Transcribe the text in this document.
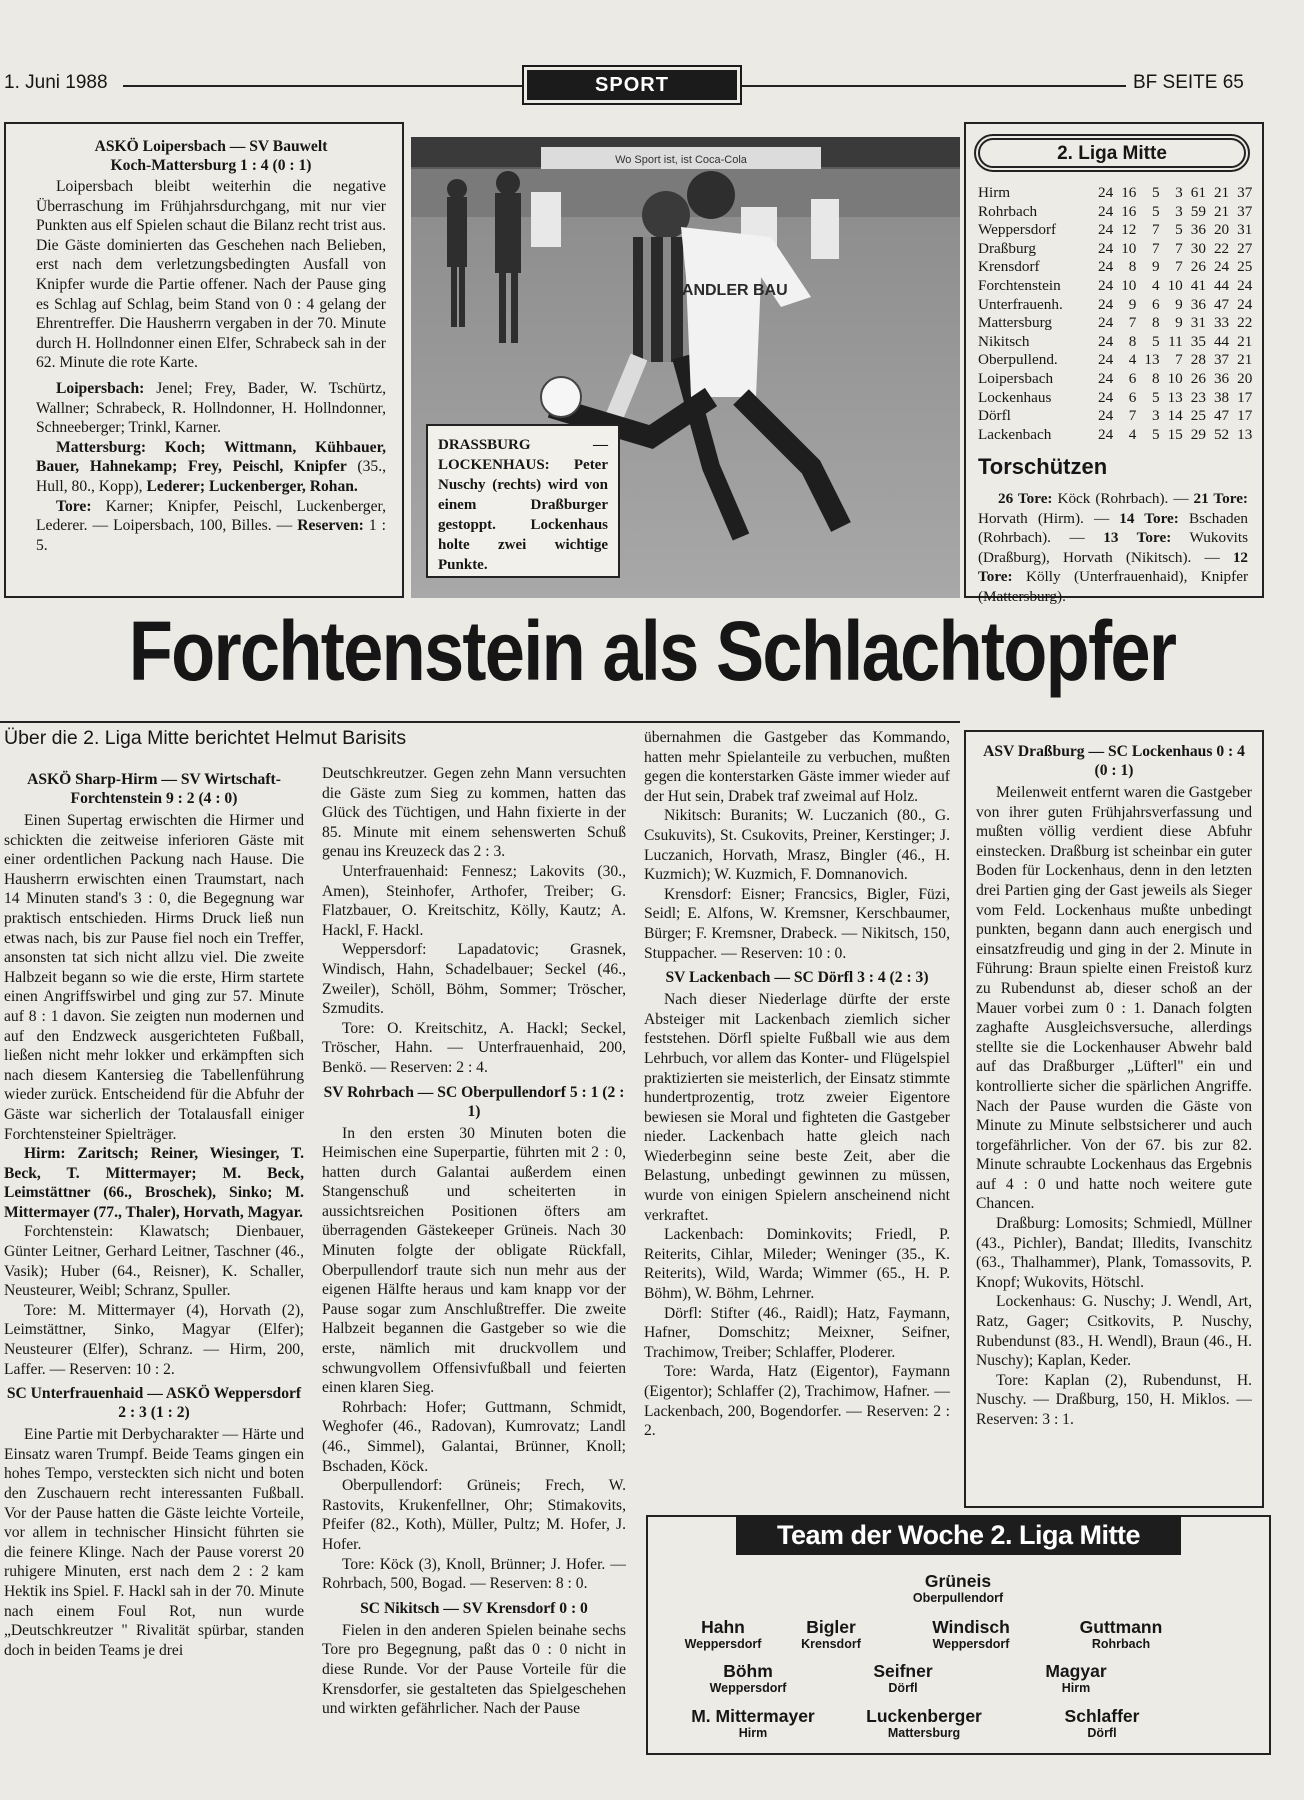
1. Juni 1988	SPORT	BF SEITE 65
ASKÖ Loipersbach — SV Bauwelt
Koch-Mattersburg 1 : 4 (0 : 1)

Loipersbach bleibt weiterhin die negative Überraschung im Frühjahrsdurchgang, mit nur vier Punkten aus elf Spielen schaut die Bilanz recht trist aus. Die Gäste dominierten das Geschehen nach Belieben, erst nach dem verletzungsbedingten Ausfall von Knipfer wurde die Partie offener. Nach der Pause ging es Schlag auf Schlag, beim Stand von 0 : 4 gelang der Ehrentreffer. Die Hausherrn vergaben in der 70. Minute durch H. Hollndonner einen Elfer, Schrabeck sah in der 62. Minute die rote Karte.

Loipersbach: Jenel; Frey, Bader, W. Tschürtz, Wallner; Schrabeck, R. Hollndonner, H. Hollndonner, Schneeberger; Trinkl, Karner.

Mattersburg: Koch; Wittmann, Kühbauer, Bauer, Hahnekamp; Frey, Peischl, Knipfer (35., Hull, 80., Kopp), Lederer; Luckenberger, Rohan.

Tore: Karner; Knipfer, Peischl, Luckenberger, Lederer. — Loipersbach, 100, Billes. — Reserven: 1 : 5.

Wo Sport ist, ist Coca-Cola
HANDLER BAU
DRASSBURG — LOCKENHAUS: Peter Nuschy (rechts) wird von einem Draßburger gestoppt. Lockenhaus holte zwei wichtige Punkte.
2. Liga Mitte
Hirm	24	16	5	3	61	21	37
Rohrbach	24	16	5	3	59	21	37
Weppersdorf	24	12	7	5	36	20	31
Draßburg	24	10	7	7	30	22	27
Krensdorf	24	8	9	7	26	24	25
Forchtenstein	24	10	4	10	41	44	24
Unterfrauenh.	24	9	6	9	36	47	24
Mattersburg	24	7	8	9	31	33	22
Nikitsch	24	8	5	11	35	44	21
Oberpullend.	24	4	13	7	28	37	21
Loipersbach	24	6	8	10	26	36	20
Lockenhaus	24	6	5	13	23	38	17
Dörfl	24	7	3	14	25	47	17
Lackenbach	24	4	5	15	29	52	13
Torschützen
26 Tore: Köck (Rohrbach). — 21 Tore: Horvath (Hirm). — 14 Tore: Bschaden (Rohrbach). — 13 Tore: Wukovits (Draßburg), Horvath (Nikitsch). — 12 Tore: Kölly (Unterfrauenhaid), Knipfer (Mattersburg).
Forchtenstein als Schlachtopfer
Über die 2. Liga Mitte berichtet Helmut Barisits
ASKÖ Sharp-Hirm — SV Wirtschaft-Forchtenstein 9 : 2 (4 : 0)

Einen Supertag erwischten die Hirmer und schickten die zeitweise inferioren Gäste mit einer ordentlichen Packung nach Hause. Die Hausherrn erwischten einen Traumstart, nach 14 Minuten stand's 3 : 0, die Begegnung war praktisch entschieden. Hirms Druck ließ nun etwas nach, bis zur Pause fiel noch ein Treffer, ansonsten tat sich nicht allzu viel. Die zweite Halbzeit begann so wie die erste, Hirm startete einen Angriffswirbel und ging zur 57. Minute auf 8 : 1 davon. Sie zeigten nun modernen und auf den Endzweck ausgerichteten Fußball, ließen nicht mehr lokker und erkämpften sich nach diesem Kantersieg die Tabellenführung wieder zurück. Entscheidend für die Abfuhr der Gäste war sicherlich der Totalausfall einiger Forchtensteiner Spielträger.

Hirm: Zaritsch; Reiner, Wiesinger, T. Beck, T. Mittermayer; M. Beck, Leimstättner (66., Broschek), Sinko; M. Mittermayer (77., Thaler), Horvath, Magyar.

Forchtenstein: Klawatsch; Dienbauer, Günter Leitner, Gerhard Leitner, Taschner (46., Vasik); Huber (64., Reisner), K. Schaller, Neusteurer, Weibl; Schranz, Spuller.

Tore: M. Mittermayer (4), Horvath (2), Leimstättner, Sinko, Magyar (Elfer); Neusteurer (Elfer), Schranz. — Hirm, 200, Laffer. — Reserven: 10 : 2.

SC Unterfrauenhaid — ASKÖ Weppersdorf 2 : 3 (1 : 2)

Eine Partie mit Derbycharakter — Härte und Einsatz waren Trumpf. Beide Teams gingen ein hohes Tempo, versteckten sich nicht und boten den Zuschauern recht interessanten Fußball. Vor der Pause hatten die Gäste leichte Vorteile, vor allem in technischer Hinsicht führten sie die feinere Klinge. Nach der Pause vorerst 20 ruhigere Minuten, erst nach dem 2 : 2 kam Hektik ins Spiel. F. Hackl sah in der 70. Minute nach einem Foul Rot, nun wurde „Deutschkreutzer " Rivalität spürbar, standen doch in beiden Teams je drei

Deutschkreutzer. Gegen zehn Mann versuchten die Gäste zum Sieg zu kommen, hatten das Glück des Tüchtigen, und Hahn fixierte in der 85. Minute mit einem sehenswerten Schuß genau ins Kreuzeck das 2 : 3.

Unterfrauenhaid: Fennesz; Lakovits (30., Amen), Steinhofer, Arthofer, Treiber; G. Flatzbauer, O. Kreitschitz, Kölly, Kautz; A. Hackl, F. Hackl.

Weppersdorf: Lapadatovic; Grasnek, Windisch, Hahn, Schadelbauer; Seckel (46., Zweiler), Schöll, Böhm, Sommer; Tröscher, Szmudits.

Tore: O. Kreitschitz, A. Hackl; Seckel, Tröscher, Hahn. — Unterfrauenhaid, 200, Benkö. — Reserven: 2 : 4.

SV Rohrbach — SC Oberpullendorf 5 : 1 (2 : 1)

In den ersten 30 Minuten boten die Heimischen eine Superpartie, führten mit 2 : 0, hatten durch Galantai außerdem einen Stangenschuß und scheiterten in aussichtsreichen Positionen öfters am überragenden Gästekeeper Grüneis. Nach 30 Minuten folgte der obligate Rückfall, Oberpullendorf traute sich nun mehr aus der eigenen Hälfte heraus und kam knapp vor der Pause sogar zum Anschlußtreffer. Die zweite Halbzeit begannen die Gastgeber so wie die erste, nämlich mit druckvollem und schwungvollem Offensivfußball und feierten einen klaren Sieg.

Rohrbach: Hofer; Guttmann, Schmidt, Weghofer (46., Radovan), Kumrovatz; Landl (46., Simmel), Galantai, Brünner, Knoll; Bschaden, Köck.

Oberpullendorf: Grüneis; Frech, W. Rastovits, Krukenfellner, Ohr; Stimakovits, Pfeifer (82., Koth), Müller, Pultz; M. Hofer, J. Hofer.

Tore: Köck (3), Knoll, Brünner; J. Hofer. — Rohrbach, 500, Bogad. — Reserven: 8 : 0.

SC Nikitsch — SV Krensdorf 0 : 0

Fielen in den anderen Spielen beinahe sechs Tore pro Begegnung, paßt das 0 : 0 nicht in diese Runde. Vor der Pause Vorteile für die Krensdorfer, sie gestalteten das Spielgeschehen und wirkten gefährlicher. Nach der Pause

übernahmen die Gastgeber das Kommando, hatten mehr Spielanteile zu verbuchen, mußten gegen die konterstarken Gäste immer wieder auf der Hut sein, Drabek traf zweimal auf Holz.

Nikitsch: Buranits; W. Luczanich (80., G. Csukuvits), St. Csukovits, Preiner, Kerstinger; J. Luczanich, Horvath, Mrasz, Bingler (46., H. Kuzmich); W. Kuzmich, F. Domnanovich.

Krensdorf: Eisner; Francsics, Bigler, Füzi, Seidl; E. Alfons, W. Kremsner, Kerschbaumer, Bürger; F. Kremsner, Drabeck. — Nikitsch, 150, Stuppacher. — Reserven: 10 : 0.

SV Lackenbach — SC Dörfl 3 : 4 (2 : 3)

Nach dieser Niederlage dürfte der erste Absteiger mit Lackenbach ziemlich sicher feststehen. Dörfl spielte Fußball wie aus dem Lehrbuch, vor allem das Konter- und Flügelspiel praktizierten sie meisterlich, der Einsatz stimmte hundertprozentig, trotz zweier Eigentore bewiesen sie Moral und fighteten die Gastgeber nieder. Lackenbach hatte gleich nach Wiederbeginn seine beste Zeit, aber die Belastung, unbedingt gewinnen zu müssen, wurde von einigen Spielern anscheinend nicht verkraftet.

Lackenbach: Dominkovits; Friedl, P. Reiterits, Cihlar, Mileder; Weninger (35., K. Reiterits), Wild, Warda; Wimmer (65., H. P. Böhm), W. Böhm, Lehrner.

Dörfl: Stifter (46., Raidl); Hatz, Faymann, Hafner, Domschitz; Meixner, Seifner, Trachimow, Treiber; Schlaffer, Ploderer.

Tore: Warda, Hatz (Eigentor), Faymann (Eigentor); Schlaffer (2), Trachimow, Hafner. — Lackenbach, 200, Bogendorfer. — Reserven: 2 : 2.

ASV Draßburg — SC Lockenhaus 0 : 4 (0 : 1)

Meilenweit entfernt waren die Gastgeber von ihrer guten Frühjahrsverfassung und mußten völlig verdient diese Abfuhr einstecken. Draßburg ist scheinbar ein guter Boden für Lockenhaus, denn in den letzten drei Partien ging der Gast jeweils als Sieger vom Feld. Lockenhaus mußte unbedingt punkten, begann dann auch energisch und einsatzfreudig und ging in der 2. Minute in Führung: Braun spielte einen Freistoß kurz zu Rubendunst ab, dieser schoß an der Mauer vorbei zum 0 : 1. Danach folgten zaghafte Ausgleichsversuche, allerdings stellte sie die Lockenhauser Abwehr bald auf das Draßburger „Lüfterl" ein und kontrollierte sicher die spärlichen Angriffe. Nach der Pause wurden die Gäste von Minute zu Minute selbstsicherer und auch torgefährlicher. Von der 67. bis zur 82. Minute schraubte Lockenhaus das Ergebnis auf 4 : 0 und hatte noch weitere gute Chancen.

Draßburg: Lomosits; Schmiedl, Müllner (43., Pichler), Bandat; Illedits, Ivanschitz (63., Thalhammer), Plank, Tomassovits, P. Knopf; Wukovits, Hötschl.

Lockenhaus: G. Nuschy; J. Wendl, Art, Ratz, Gager; Csitkovits, P. Nuschy, Rubendunst (83., H. Wendl), Braun (46., H. Nuschy); Kaplan, Keder.

Tore: Kaplan (2), Rubendunst, H. Nuschy. — Draßburg, 150, H. Miklos. — Reserven: 3 : 1.

Team der Woche 2. Liga Mitte
Grüneis
Oberpullendorf
Hahn
Weppersdorf
Bigler
Krensdorf
Windisch
Weppersdorf
Guttmann
Rohrbach
Böhm
Weppersdorf
Seifner
Dörfl
Magyar
Hirm
M. Mittermayer
Hirm
Luckenberger
Mattersburg
Schlaffer
Dörfl
